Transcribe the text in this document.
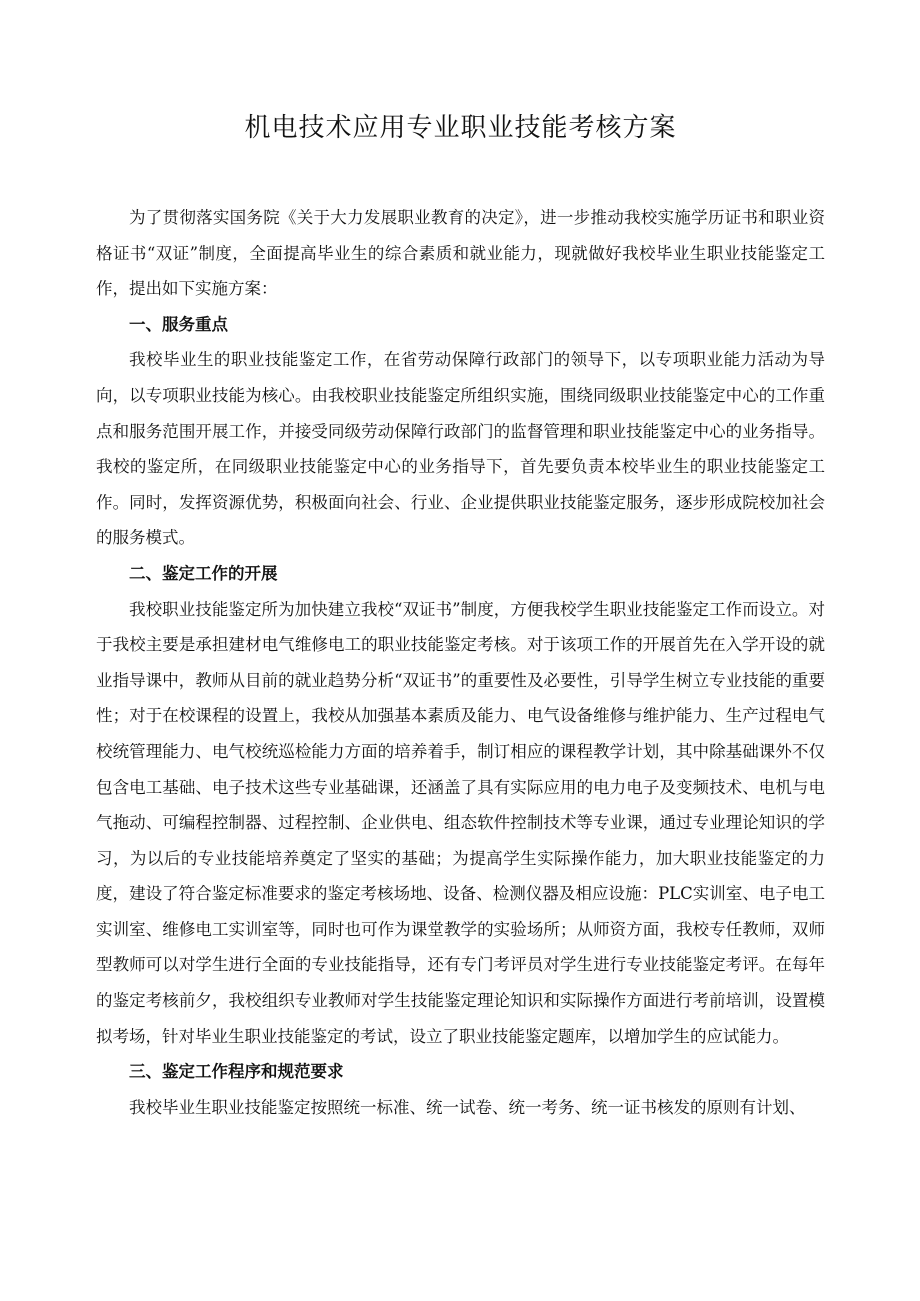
机电技术应用专业职业技能考核方案

为了贯彻落实国务院《关于大力发展职业教育的决定》，进一步推动我校实施学历证书和职业资格证书“双证”制度，全面提高毕业生的综合素质和就业能力，现就做好我校毕业生职业技能鉴定工作，提出如下实施方案：

一、服务重点

我校毕业生的职业技能鉴定工作，在省劳动保障行政部门的领导下，以专项职业能力活动为导向，以专项职业技能为核心。由我校职业技能鉴定所组织实施，围绕同级职业技能鉴定中心的工作重点和服务范围开展工作，并接受同级劳动保障行政部门的监督管理和职业技能鉴定中心的业务指导。我校的鉴定所，在同级职业技能鉴定中心的业务指导下，首先要负责本校毕业生的职业技能鉴定工作。同时，发挥资源优势，积极面向社会、行业、企业提供职业技能鉴定服务，逐步形成院校加社会的服务模式。

二、鉴定工作的开展

我校职业技能鉴定所为加快建立我校“双证书”制度，方便我校学生职业技能鉴定工作而设立。对于我校主要是承担建材电气维修电工的职业技能鉴定考核。对于该项工作的开展首先在入学开设的就业指导课中，教师从目前的就业趋势分析“双证书”的重要性及必要性，引导学生树立专业技能的重要性；对于在校课程的设置上，我校从加强基本素质及能力、电气设备维修与维护能力、生产过程电气校统管理能力、电气校统巡检能力方面的培养着手，制订相应的课程教学计划，其中除基础课外不仅包含电工基础、电子技术这些专业基础课，还涵盖了具有实际应用的电力电子及变频技术、电机与电气拖动、可编程控制器、过程控制、企业供电、组态软件控制技术等专业课，通过专业理论知识的学习，为以后的专业技能培养奠定了坚实的基础；为提高学生实际操作能力，加大职业技能鉴定的力度，建设了符合鉴定标准要求的鉴定考核场地、设备、检测仪器及相应设施：PLC实训室、电子电工实训室、维修电工实训室等，同时也可作为课堂教学的实验场所；从师资方面，我校专任教师，双师型教师可以对学生进行全面的专业技能指导，还有专门考评员对学生进行专业技能鉴定考评。在每年的鉴定考核前夕，我校组织专业教师对学生技能鉴定理论知识和实际操作方面进行考前培训，设置模拟考场，针对毕业生职业技能鉴定的考试，设立了职业技能鉴定题库，以增加学生的应试能力。

三、鉴定工作程序和规范要求

我校毕业生职业技能鉴定按照统一标准、统一试卷、统一考务、统一证书核发的原则有计划、
